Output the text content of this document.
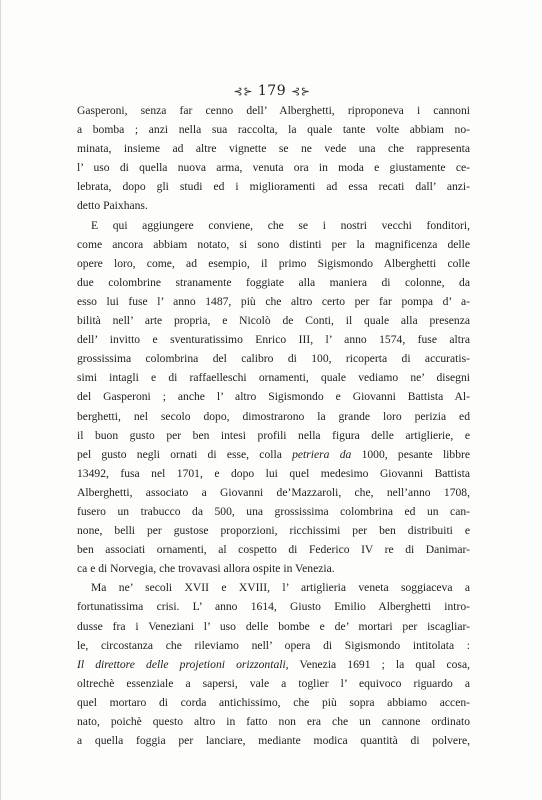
⊰⊱ 179 ⊰⊱
Gasperoni, senza far cenno dell’ Alberghetti, riproponeva i cannoni
a bomba ; anzi nella sua raccolta, la quale tante volte abbiam no-
minata, insieme ad altre vignette se ne vede una che rappresenta
l’ uso di quella nuova arma, venuta ora in moda e giustamente ce-
lebrata, dopo gli studi ed i miglioramenti ad essa recati dall’ anzi-
detto Paixhans.
E qui aggiungere conviene, che se i nostri vecchi fonditori,
come ancora abbiam notato, si sono distinti per la magnificenza delle
opere loro, come, ad esempio, il primo Sigismondo Alberghetti colle
due colombrine stranamente foggiate alla maniera di colonne, da
esso lui fuse l’ anno 1487, più che altro certo per far pompa d’ a-
bilità nell’ arte propria, e Nicolò de Conti, il quale alla presenza
dell’ invitto e sventuratissimo Enrico III, l’ anno 1574, fuse altra
grossissima colombrina del calibro di 100, ricoperta di accuratis-
simi intagli e di raffaelleschi ornamenti, quale vediamo ne’ disegni
del Gasperoni ; anche l’ altro Sigismondo e Giovanni Battista Al-
berghetti, nel secolo dopo, dimostrarono la grande loro perizia ed
il buon gusto per ben intesi profili nella figura delle artiglierie, e
pel gusto negli ornati di esse, colla petriera da 1000, pesante libbre
13492, fusa nel 1701, e dopo lui quel medesimo Giovanni Battista
Alberghetti, associato a Giovanni de’Mazzaroli, che, nell’anno 1708,
fusero un trabucco da 500, una grossissima colombrina ed un can-
none, belli per gustose proporzioni, ricchissimi per ben distribuiti e
ben associati ornamenti, al cospetto di Federico IV re di Danimar-
ca e di Norvegia, che trovavasi allora ospite in Venezia.
Ma ne’ secoli XVII e XVIII, l’ artiglieria veneta soggiaceva a
fortunatissima crisi. L’ anno 1614, Giusto Emilio Alberghetti intro-
dusse fra i Veneziani l’ uso delle bombe e de’ mortari per iscagliar-
le, circostanza che rileviamo nell’ opera di Sigismondo intitolata :
Il direttore delle projetioni orizzontali, Venezia 1691 ; la qual cosa,
oltrechè essenziale a sapersi, vale a toglier l’ equivoco riguardo a
quel mortaro di corda antichissimo, che più sopra abbiamo accen-
nato, poichè questo altro in fatto non era che un cannone ordinato
a quella foggia per lanciare, mediante modica quantità di polvere,
